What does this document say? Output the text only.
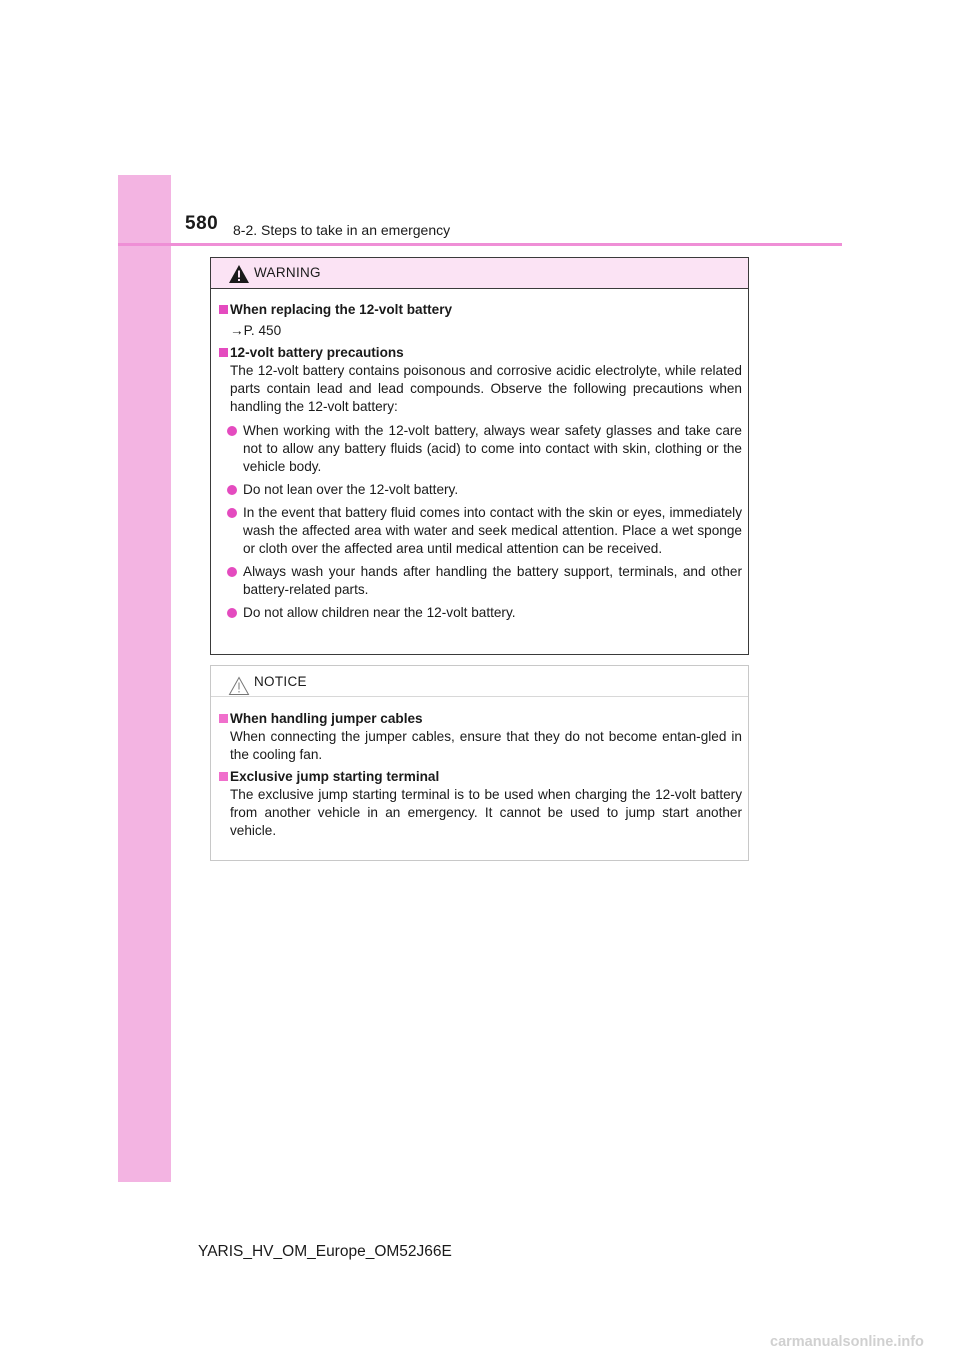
580 8-2. Steps to take in an emergency
WARNING
When replacing the 12-volt battery
→P. 450
12-volt battery precautions
The 12-volt battery contains poisonous and corrosive acidic electrolyte, while related parts contain lead and lead compounds. Observe the following precautions when handling the 12-volt battery:
When working with the 12-volt battery, always wear safety glasses and take care not to allow any battery fluids (acid) to come into contact with skin, clothing or the vehicle body.
Do not lean over the 12-volt battery.
In the event that battery fluid comes into contact with the skin or eyes, immediately wash the affected area with water and seek medical attention. Place a wet sponge or cloth over the affected area until medical attention can be received.
Always wash your hands after handling the battery support, terminals, and other battery-related parts.
Do not allow children near the 12-volt battery.
NOTICE
When handling jumper cables
When connecting the jumper cables, ensure that they do not become entan-gled in the cooling fan.
Exclusive jump starting terminal
The exclusive jump starting terminal is to be used when charging the 12-volt battery from another vehicle in an emergency. It cannot be used to jump start another vehicle.
YARIS_HV_OM_Europe_OM52J66E
carmanualsonline.info
